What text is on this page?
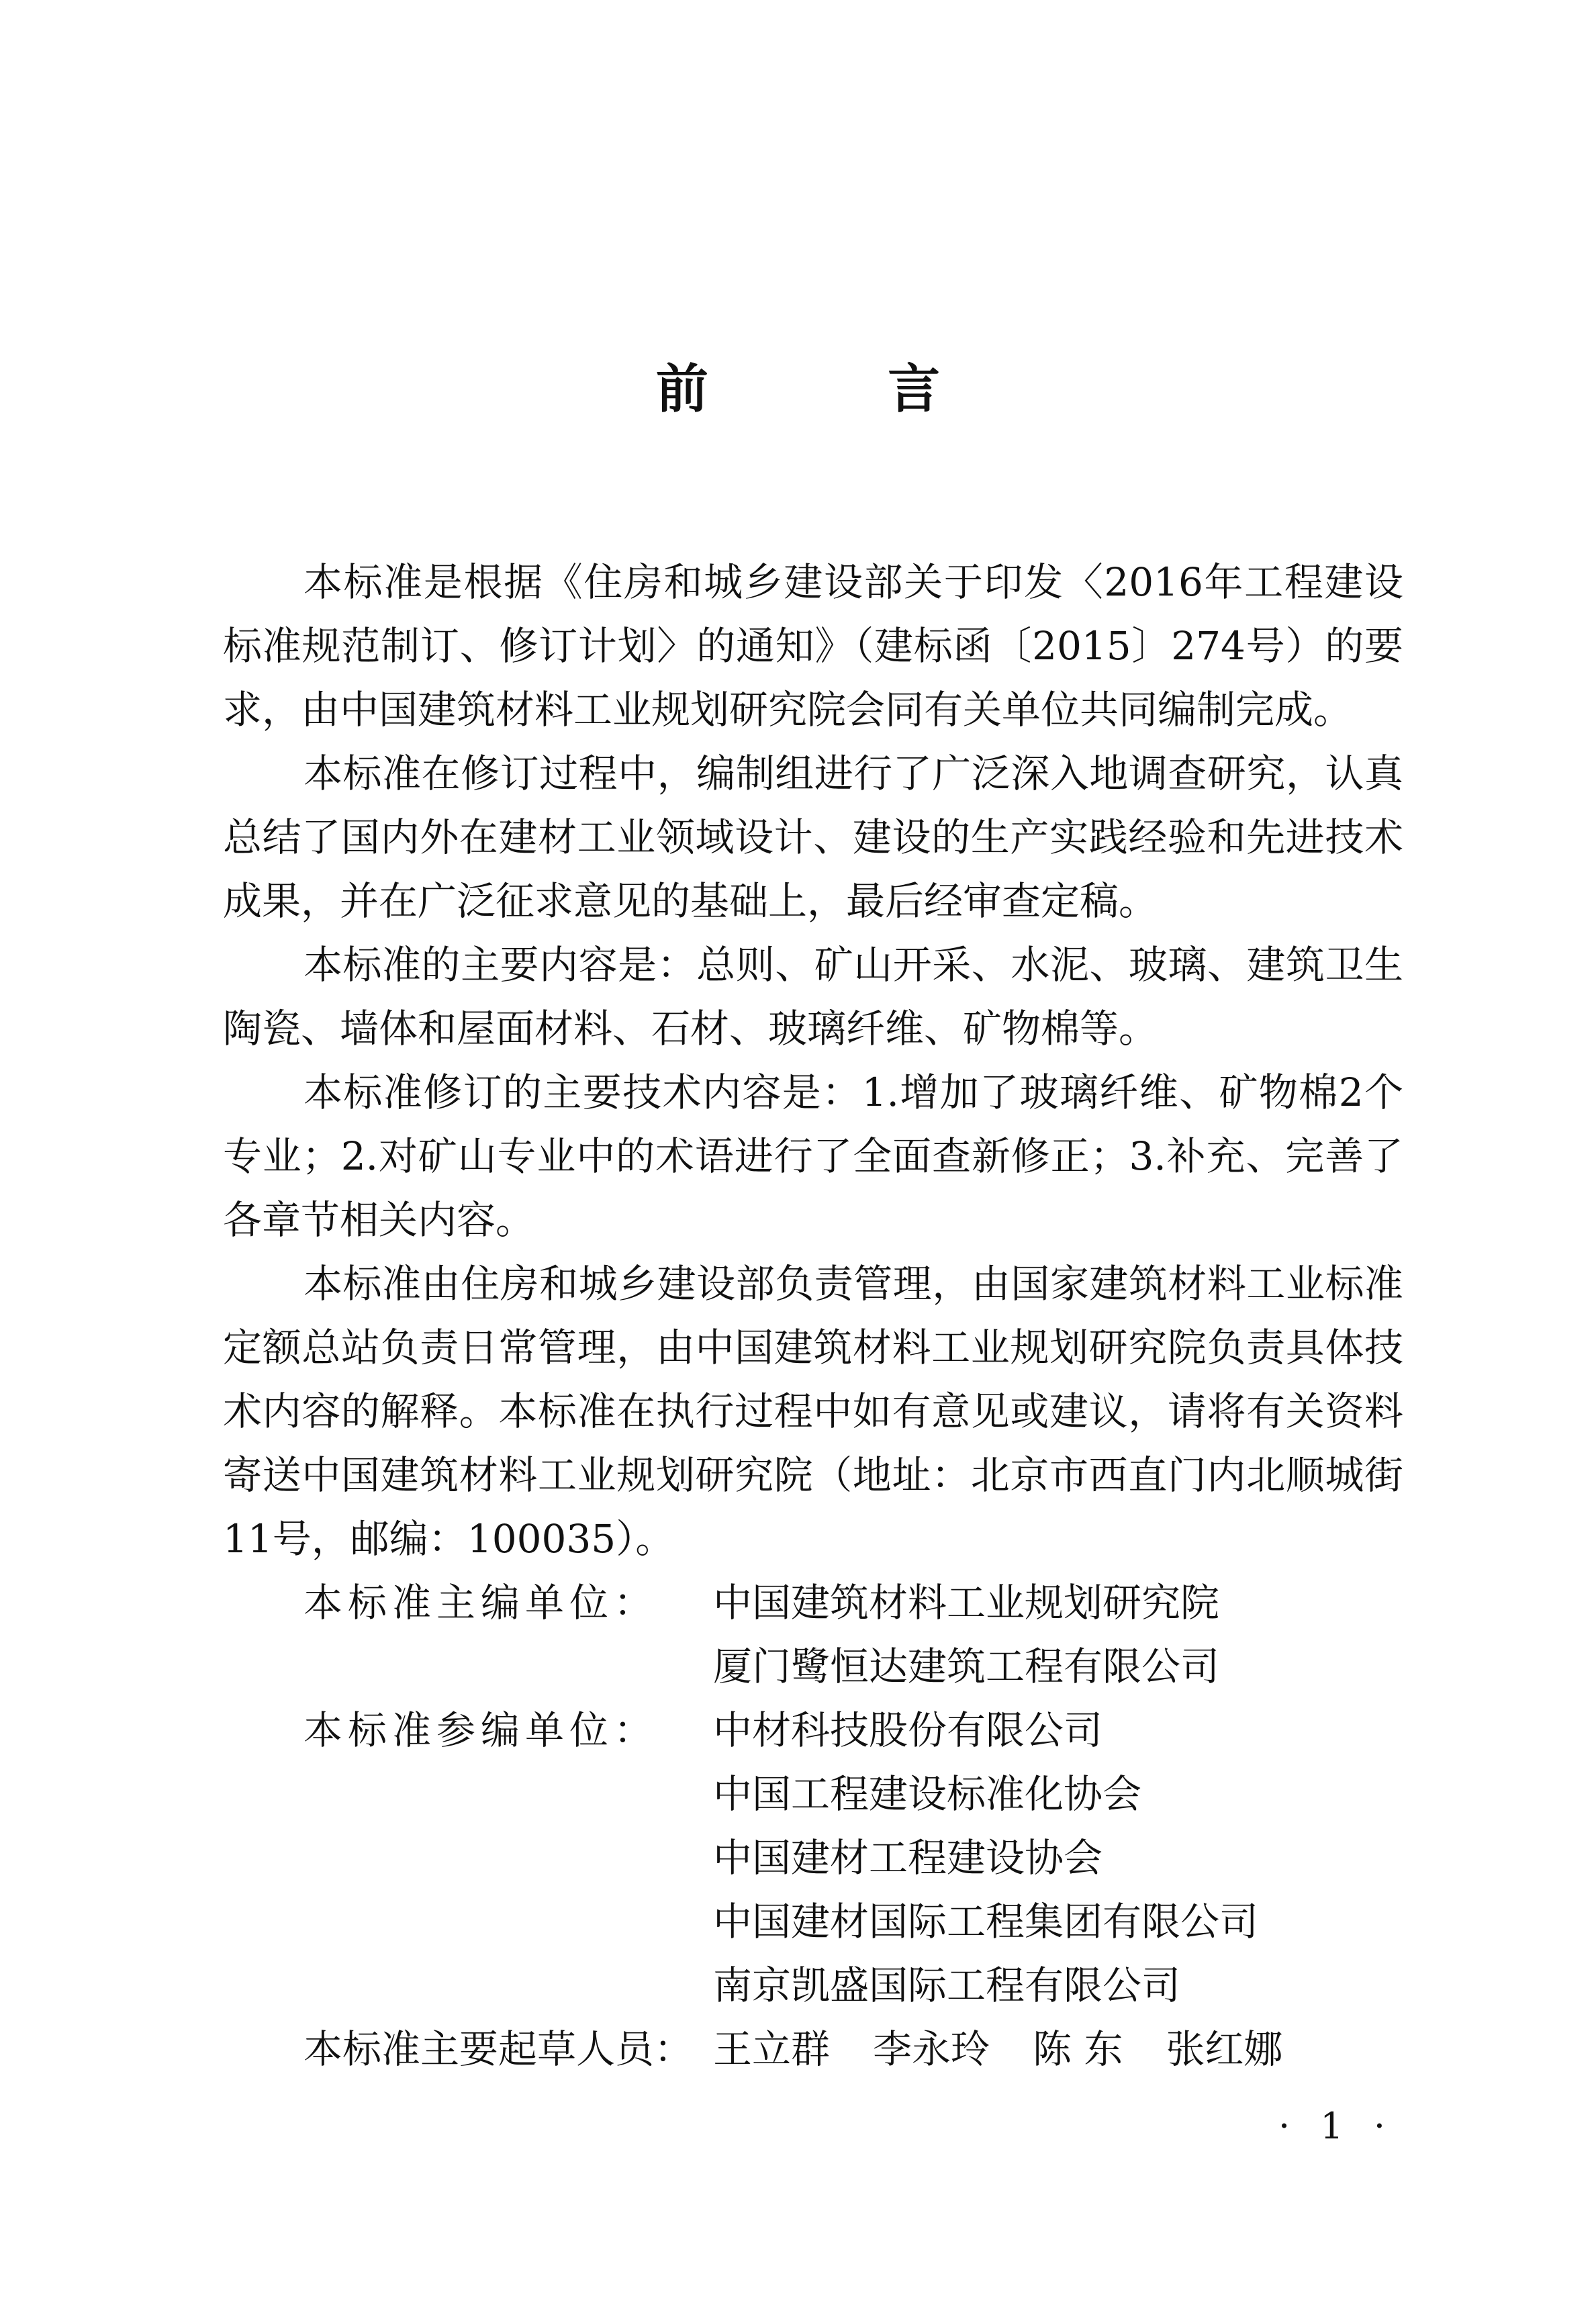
前 言

本标准是根据《住房和城乡建设部关于印发〈2016年工程建设标准规范制订、修订计划〉的通知》（建标函〔2015〕274号）的要求，由中国建筑材料工业规划研究院会同有关单位共同编制完成。

本标准在修订过程中，编制组进行了广泛深入地调查研究，认真总结了国内外在建材工业领域设计、建设的生产实践经验和先进技术成果，并在广泛征求意见的基础上，最后经审查定稿。

本标准的主要内容是：总则、矿山开采、水泥、玻璃、建筑卫生陶瓷、墙体和屋面材料、石材、玻璃纤维、矿物棉等。

本标准修订的主要技术内容是：1.增加了玻璃纤维、矿物棉2个专业；2.对矿山专业中的术语进行了全面查新修正；3.补充、完善了各章节相关内容。

本标准由住房和城乡建设部负责管理，由国家建筑材料工业标准定额总站负责日常管理，由中国建筑材料工业规划研究院负责具体技术内容的解释。本标准在执行过程中如有意见或建议，请将有关资料寄送中国建筑材料工业规划研究院（地址：北京市西直门内北顺城街11号，邮编：100035）。

本标准主编单位：	中国建筑材料工业规划研究院
厦门鹭恒达建筑工程有限公司
本标准参编单位：	中材科技股份有限公司
中国工程建设标准化协会
中国建材工程建设协会
中国建材国际工程集团有限公司
南京凯盛国际工程有限公司
本标准主要起草人员： 王立群 李永玲 陈 东 张红娜
· 1 ·
